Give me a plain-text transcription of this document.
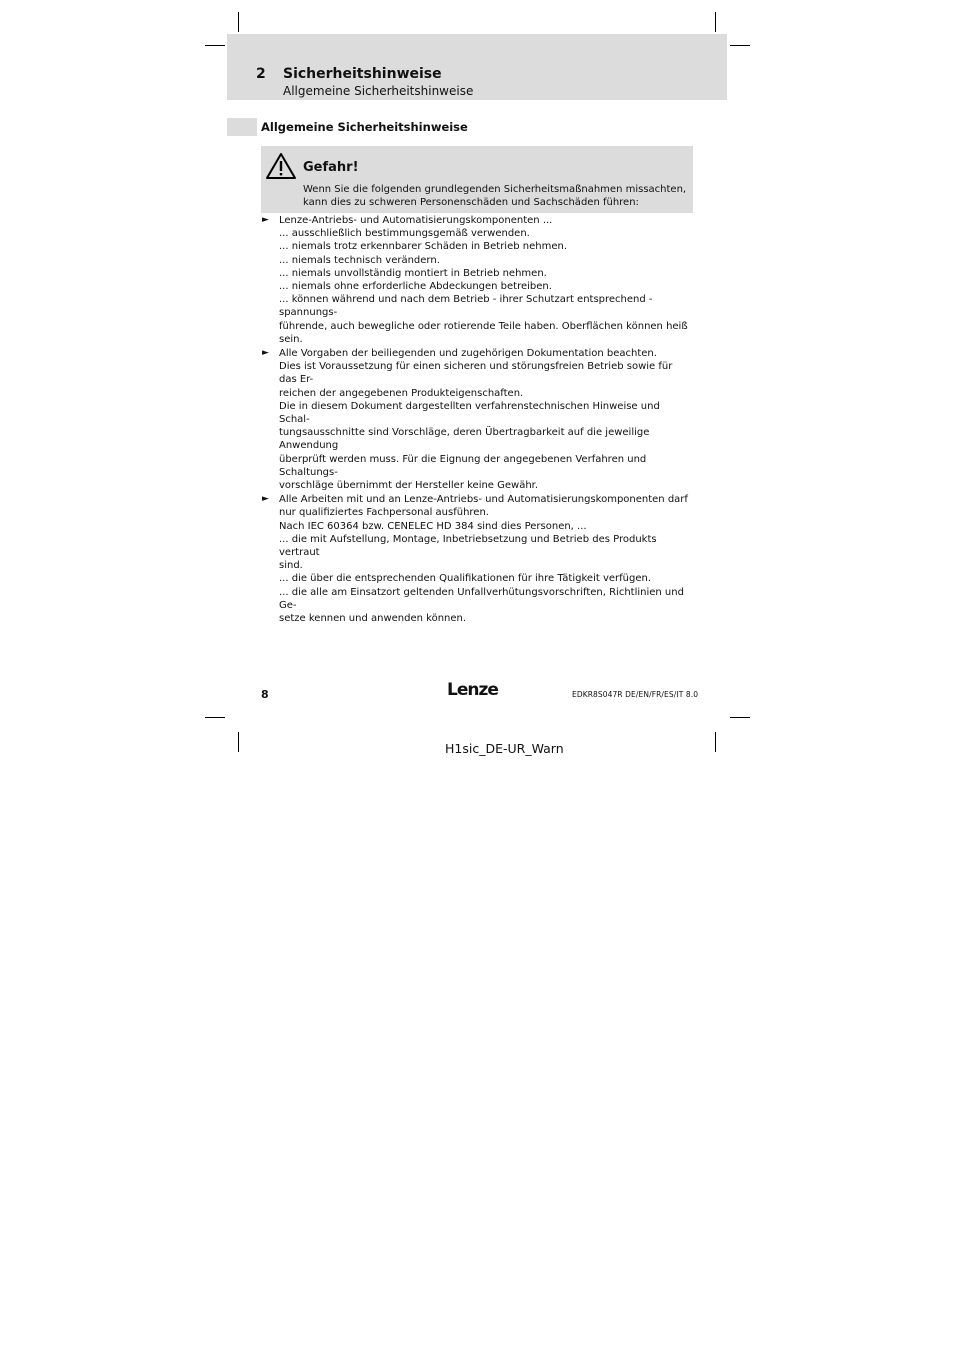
2 Sicherheitshinweise
Allgemeine Sicherheitshinweise
Allgemeine Sicherheitshinweise
Gefahr!
Wenn Sie die folgenden grundlegenden Sicherheitsmaßnahmen missachten,
kann dies zu schweren Personenschäden und Sachschäden führen:
► Lenze-Antriebs- und Automatisierungskomponenten ...
... ausschließlich bestimmungsgemäß verwenden.
... niemals trotz erkennbarer Schäden in Betrieb nehmen.
... niemals technisch verändern.
... niemals unvollständig montiert in Betrieb nehmen.
... niemals ohne erforderliche Abdeckungen betreiben.
... können während und nach dem Betrieb - ihrer Schutzart entsprechend - spannungs-
führende, auch bewegliche oder rotierende Teile haben. Oberflächen können heiß sein.
► Alle Vorgaben der beiliegenden und zugehörigen Dokumentation beachten.
Dies ist Voraussetzung für einen sicheren und störungsfreien Betrieb sowie für das Er-
reichen der angegebenen Produkteigenschaften.
Die in diesem Dokument dargestellten verfahrenstechnischen Hinweise und Schal-
tungsausschnitte sind Vorschläge, deren Übertragbarkeit auf die jeweilige Anwendung
überprüft werden muss. Für die Eignung der angegebenen Verfahren und Schaltungs-
vorschläge übernimmt der Hersteller keine Gewähr.
► Alle Arbeiten mit und an Lenze-Antriebs- und Automatisierungskomponenten darf
nur qualifiziertes Fachpersonal ausführen.
Nach IEC 60364 bzw. CENELEC HD 384 sind dies Personen, ...
... die mit Aufstellung, Montage, Inbetriebsetzung und Betrieb des Produkts vertraut
sind.
... die über die entsprechenden Qualifikationen für ihre Tätigkeit verfügen.
... die alle am Einsatzort geltenden Unfallverhütungsvorschriften, Richtlinien und Ge-
setze kennen und anwenden können.
8	Lenze	EDKR8S047R DE/EN/FR/ES/IT 8.0
H1sic_DE-UR_Warn
